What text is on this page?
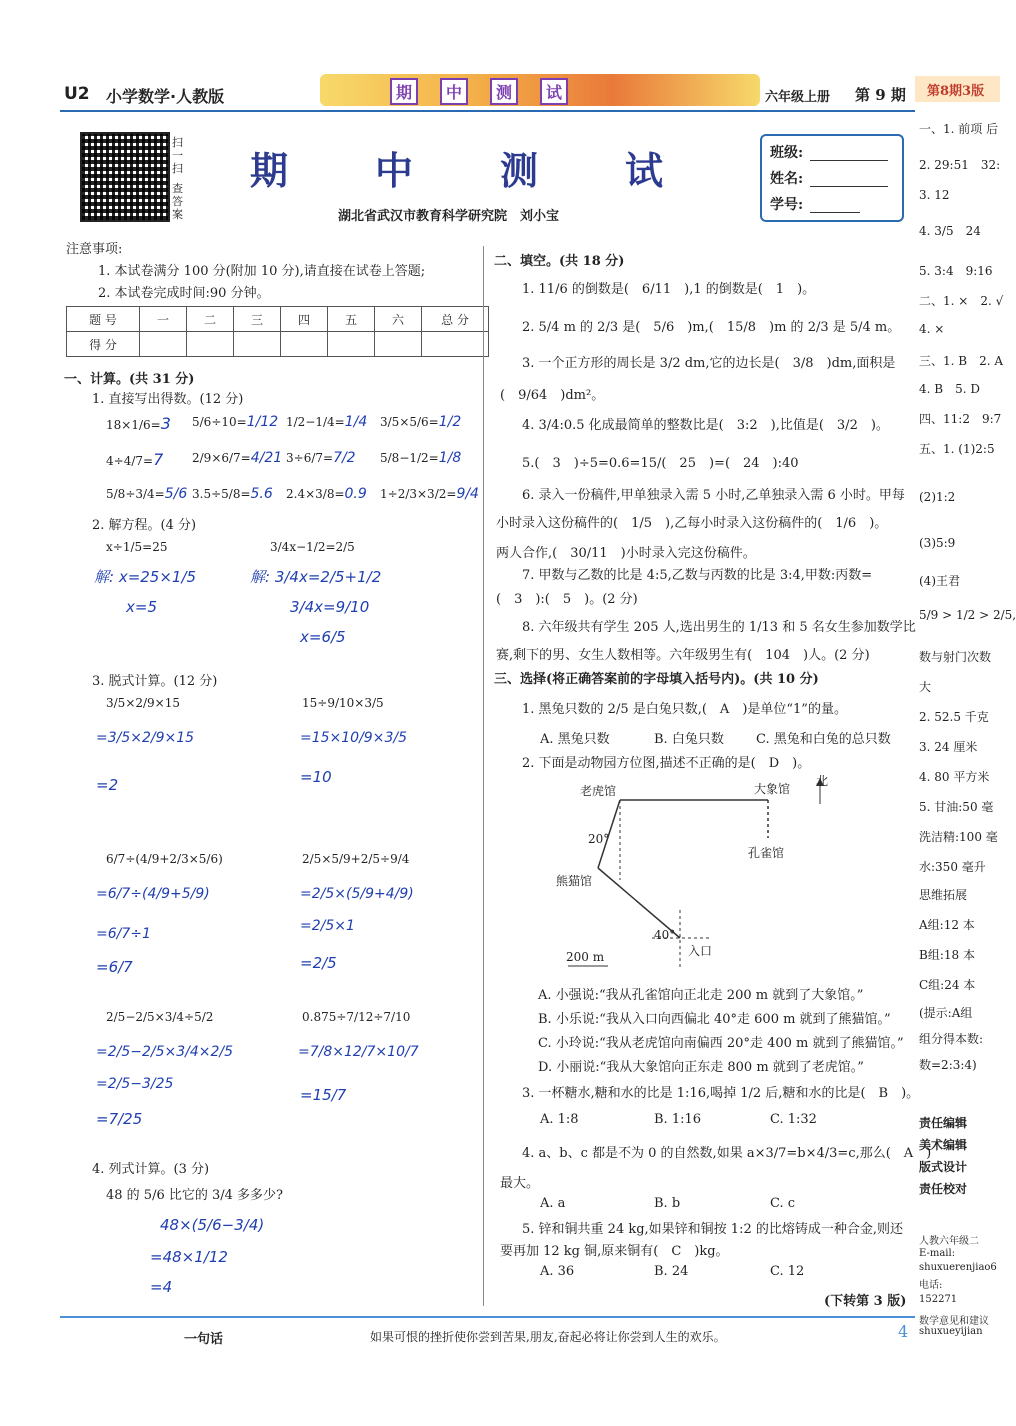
U2 小学数学·人教版	期	中	测	试	六年级上册 第 9 期 第8期3版
扫一扫
查答案
期 中 测 试
湖北省武汉市教育科学研究院　刘小宝
班级:
姓名:
学号:
注意事项:
1. 本试卷满分 100 分(附加 10 分),请直接在试卷上答题;
2. 本试卷完成时间:90 分钟。
题 号	一	二	三	四	五	六	总 分
得 分							
一、计算。(共 31 分)
1. 直接写出得数。(12 分)
18×1/6=3 5/6÷10=1/12 1/2−1/4=1/4 3/5×5/6=1/2
4÷4/7=7 2/9×6/7=4/21 3÷6/7=7/2 5/8−1/2=1/8
5/8÷3/4=5/6 3.5÷5/8=5.6 2.4×3/8=0.9 1÷2/3×3/2=9/4
2. 解方程。(4 分)
x÷1/5=25
解: x=25×1/5
x=5
3/4x−1/2=2/5
解: 3/4x=2/5+1/2
3/4x=9/10
x=6/5
3. 脱式计算。(12 分)
3/5×2/9×15
=3/5×2/9×15
=2
15÷9/10×3/5
=15×10/9×3/5
=10
6/7÷(4/9+2/3×5/6)
=6/7÷(4/9+5/9)
=6/7÷1
=6/7
2/5×5/9+2/5÷9/4
=2/5×(5/9+4/9)
=2/5×1
=2/5
2/5−2/5×3/4÷5/2
=2/5−2/5×3/4×2/5
=2/5−3/25
=7/25
0.875÷7/12÷7/10
=7/8×12/7×10/7
=15/7
4. 列式计算。(3 分)
48 的 5/6 比它的 3/4 多多少?
48×(5/6−3/4)
=48×1/12
=4
二、填空。(共 18 分)
1. 11/6 的倒数是(　6/11　),1 的倒数是(　1　)。
2. 5/4 m 的 2/3 是(　5/6　)m,(　15/8　)m 的 2/3 是 5/4 m。
3. 一个正方形的周长是 3/2 dm,它的边长是(　3/8　)dm,面积是
(　9/64　)dm²。
4. 3/4:0.5 化成最简单的整数比是(　3:2　),比值是(　3/2　)。
5.(　3　)÷5=0.6=15/(　25　)=(　24　):40
6. 录入一份稿件,甲单独录入需 5 小时,乙单独录入需 6 小时。甲每
小时录入这份稿件的(　1/5　),乙每小时录入这份稿件的(　1/6　)。
两人合作,(　30/11　)小时录入完这份稿件。
7. 甲数与乙数的比是 4:5,乙数与丙数的比是 3:4,甲数:丙数=
(　3　):(　5　)。(2 分)
8. 六年级共有学生 205 人,选出男生的 1/13 和 5 名女生参加数学比
赛,剩下的男、女生人数相等。六年级男生有(　104　)人。(2 分)
三、选择(将正确答案前的字母填入括号内)。(共 10 分)
1. 黑兔只数的 2/5 是白兔只数,(　A　)是单位“1”的量。
A. 黑兔只数	B. 白兔只数 C. 黑兔和白兔的总只数
2. 下面是动物园方位图,描述不正确的是(　D　)。
老虎馆	大象馆
孔雀馆
熊猫馆
入口
北
20°
40°
200 m
A. 小强说:“我从孔雀馆向正北走 200 m 就到了大象馆。”
B. 小乐说:“我从入口向西偏北 40°走 600 m 就到了熊猫馆。”
C. 小玲说:“我从老虎馆向南偏西 20°走 400 m 就到了熊猫馆。”
D. 小丽说:“我从大象馆向正东走 800 m 就到了老虎馆。”
3. 一杯糖水,糖和水的比是 1:16,喝掉 1/2 后,糖和水的比是(　B　)。
A. 1:8	B. 1:16	C. 1:32
4. a、b、c 都是不为 0 的自然数,如果 a×3/7=b×4/3=c,那么(　A　)
最大。
A. a	B. b	C. c
5. 锌和铜共重 24 kg,如果锌和铜按 1:2 的比熔铸成一种合金,则还
要再加 12 kg 铜,原来铜有(　C　)kg。
A. 36	B. 24	C. 12
(下转第 3 版)
一句话	如果可恨的挫折使你尝到苦果,朋友,奋起必将让你尝到人生的欢乐。	4
一、1. 前项 后
2. 29:51　32:
3. 12
4. 3/5　24
5. 3:4　9:16
二、1. ×　2. √
4. ×
三、1. B　2. A
4. B　5. D
四、11:2　9:7
五、1. (1)2:5
(2)1:2
(3)5:9
(4)王君
5/9 > 1/2 > 2/5,
数与射门次数
大
2. 52.5 千克
3. 24 厘米
4. 80 平方米
5. 甘油:50 毫
洗洁精:100 毫
水:350 毫升
思维拓展
A组:12 本
B组:18 本
C组:24 本
(提示:A组
组分得本数:
数=2:3:4)
责任编辑
美术编辑
版式设计
责任校对
人教六年级二
E-mail:
shuxuerenjiao6
电话:
152271
数学意见和建议
shuxueyijian
